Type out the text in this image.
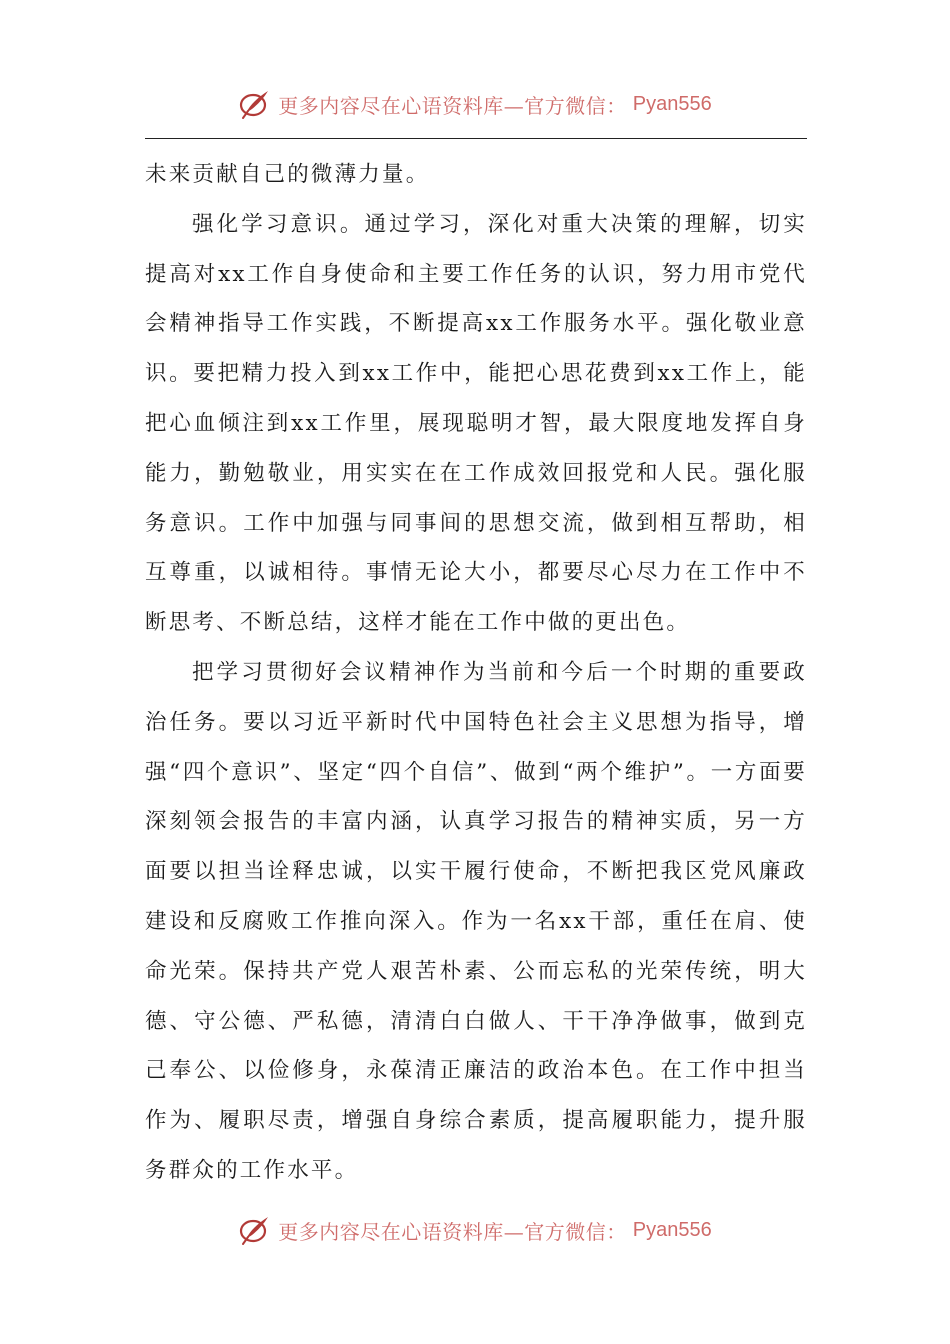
更多内容尽在心语资料库—官方微信： Pyan556

未来贡献自己的微薄力量。

强化学习意识。通过学习，深化对重大决策的理解，切实提高对xx工作自身使命和主要工作任务的认识，努力用市党代会精神指导工作实践，不断提高xx工作服务水平。强化敬业意识。要把精力投入到xx工作中，能把心思花费到xx工作上，能把心血倾注到xx工作里，展现聪明才智，最大限度地发挥自身能力，勤勉敬业，用实实在在工作成效回报党和人民。强化服务意识。工作中加强与同事间的思想交流，做到相互帮助，相互尊重，以诚相待。事情无论大小，都要尽心尽力在工作中不断思考、不断总结，这样才能在工作中做的更出色。

把学习贯彻好会议精神作为当前和今后一个时期的重要政治任务。要以习近平新时代中国特色社会主义思想为指导，增强“四个意识”、坚定“四个自信”、做到“两个维护”。一方面要深刻领会报告的丰富内涵，认真学习报告的精神实质，另一方面要以担当诠释忠诚，以实干履行使命，不断把我区党风廉政建设和反腐败工作推向深入。作为一名xx干部，重任在肩、使命光荣。保持共产党人艰苦朴素、公而忘私的光荣传统，明大德、守公德、严私德，清清白白做人、干干净净做事，做到克己奉公、以俭修身，永葆清正廉洁的政治本色。在工作中担当作为、履职尽责，增强自身综合素质，提高履职能力，提升服务群众的工作水平。

更多内容尽在心语资料库—官方微信： Pyan556
